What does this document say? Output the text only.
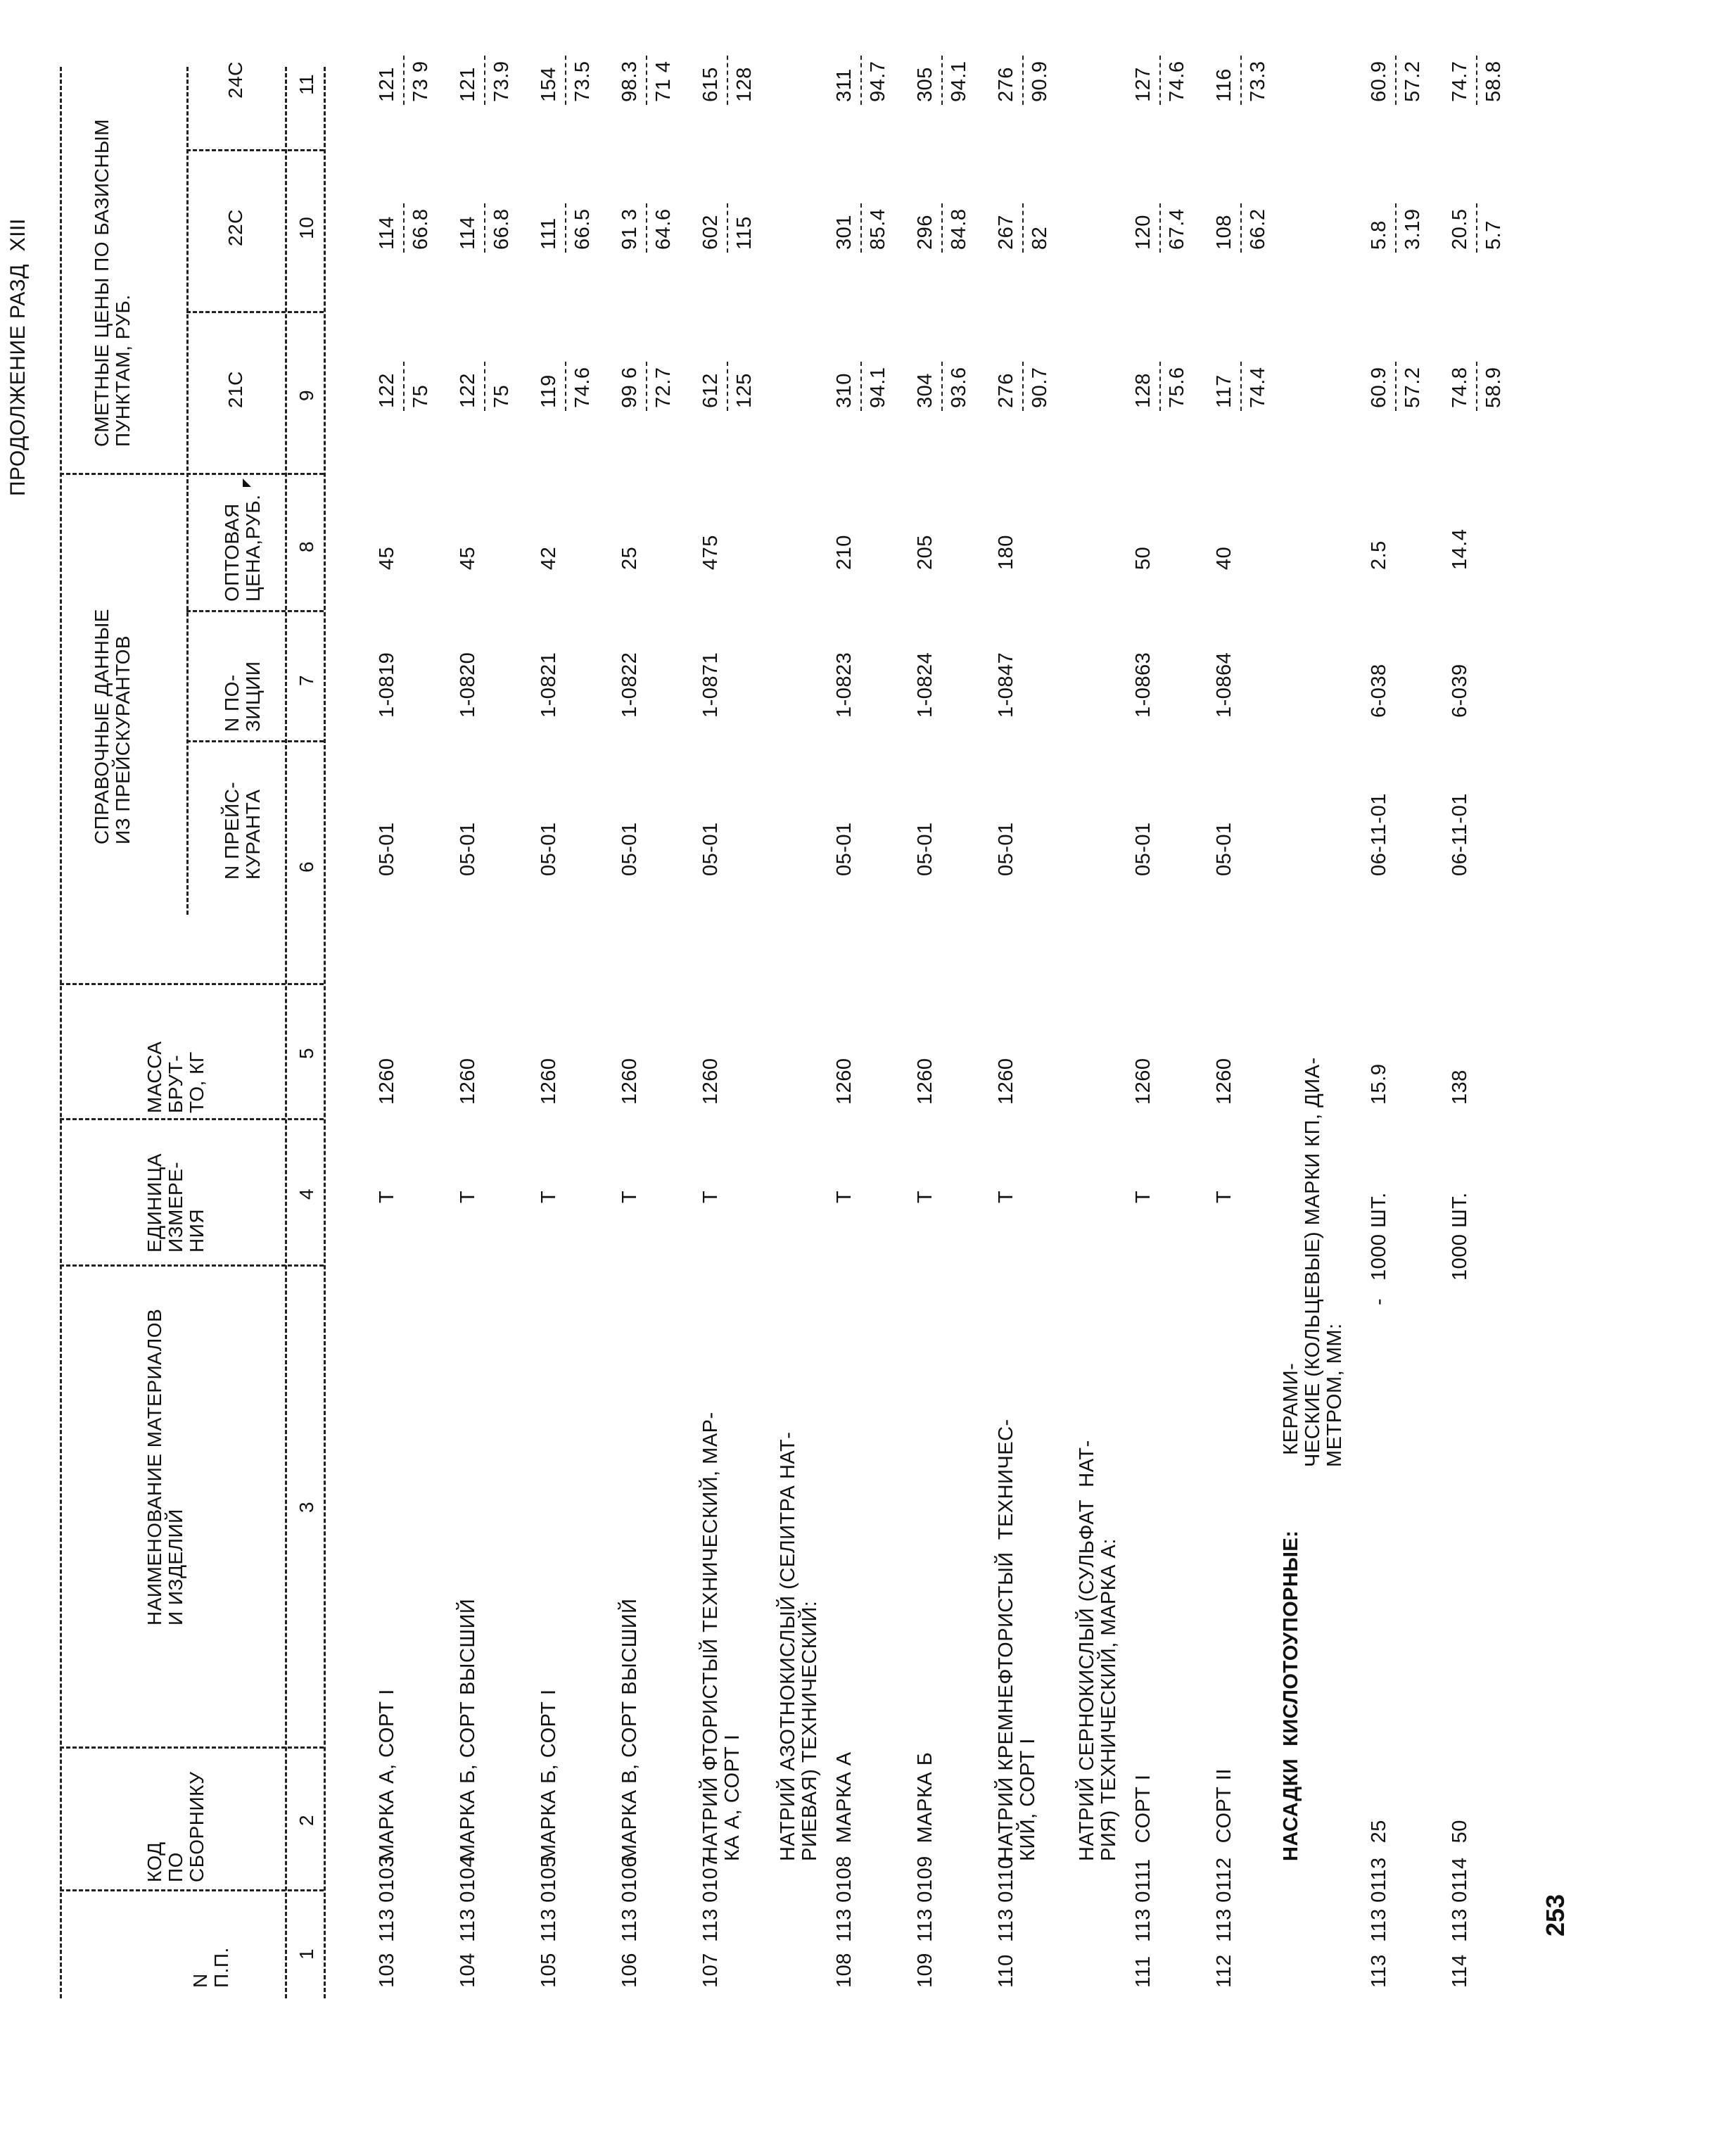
ПРОДОЛЖЕНИЕ РАЗД  XIII
N
П.П.
КОД
ПО
СБОРНИКУ
НАИМЕНОВАНИЕ МАТЕРИАЛОВ
И ИЗДЕЛИЙ
ЕДИНИЦА
ИЗМЕРЕ-
НИЯ
МАССА
БРУТ-
ТО, КГ
СПРАВОЧНЫЕ ДАННЫЕ
ИЗ ПРЕЙСКУРАНТОВ
N ПРЕЙС-
КУРАНТА
N ПО-
ЗИЦИИ
ОПТОВАЯ
ЦЕНА,РУБ.
СМЕТНЫЕ ЦЕНЫ ПО БАЗИСНЫМ
ПУНКТАМ, РУБ.
21С
22С
24С
1
2
3
4
5
6
7
8
9
10
11
103
113 0103
МАРКА А, СОРТ I
Т
1260
05-01
1-0819
45
122 75
114 66.8
121 73 9
104
113 0104
МАРКА Б, СОРТ ВЫСШИЙ
Т
1260
05-01
1-0820
45
122 75
114 66.8
121 73.9
105
113 0105
МАРКА Б, СОРТ I
Т
1260
05-01
1-0821
42
119 74.6
111 66.5
154 73.5
106
113 0106
МАРКА В, СОРТ ВЫСШИЙ
Т
1260
05-01
1-0822
25
99 6 72.7
91 3 64.6
98.3 71 4
107
113 0107
НАТРИЙ ФТОРИСТЫЙ ТЕХНИЧЕСКИЙ, МАР-
КА А, СОРТ I
Т
1260
05-01
1-0871
475
612 125
602 115
615 128
НАТРИЙ АЗОТНОКИСЛЫЙ (СЕЛИТРА НАТ-
РИЕВАЯ) ТЕХНИЧЕСКИЙ:
108
113 0108
МАРКА А
Т
1260
05-01
1-0823
210
310 94.1
301 85.4
311 94.7
109
113 0109
МАРКА Б
Т
1260
05-01
1-0824
205
304 93.6
296 84.8
305 94.1
110
113 0110
НАТРИЙ КРЕМНЕФТОРИСТЫЙ  ТЕХНИЧЕС-
КИЙ, СОРТ I
Т
1260
05-01
1-0847
180
276 90.7
267 82
276 90.9
НАТРИЙ СЕРНОКИСЛЫЙ (СУЛЬФАТ  НАТ-
РИЯ) ТЕХНИЧЕСКИЙ, МАРКА А:
111
113 0111
СОРТ I
Т
1260
05-01
1-0863
50
128 75.6
120 67.4
127 74.6
112
113 0112
СОРТ II
Т
1260
05-01
1-0864
40
117 74.4
108 66.2
116 73.3
НАСАДКИ  КИСЛОТОУПОРНЫЕ:
КЕРАМИ-
ЧЕСКИЕ (КОЛЬЦЕВЫЕ) МАРКИ КП, ДИА-
МЕТРОМ, ММ:
113
113 0113
25
-
1000 ШТ.
15.9
06-11-01
6-038
2.5
60.9 57.2
5.8 3.19
60.9 57.2
114
113 0114
50
1000 ШТ.
138
06-11-01
6-039
14.4
74.8 58.9
20.5 5.7
74.7 58.8
253
